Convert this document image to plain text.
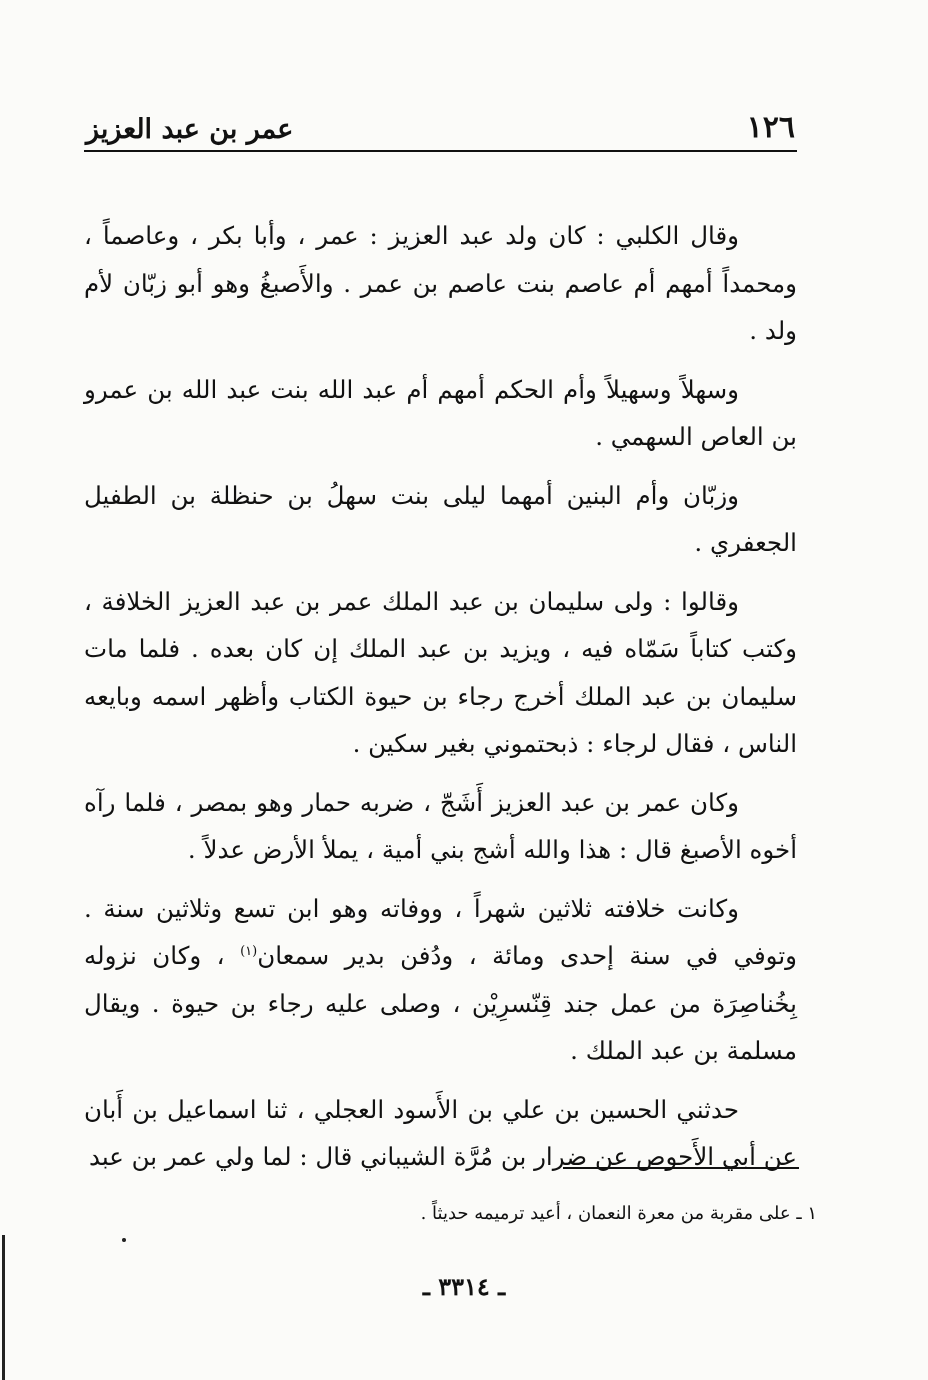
١٢٦
عمر بن عبد العزيز

وقال الكلبي : كان ولد عبد العزيز : عمر ، وأبا بكر ، وعاصماً ، ومحمداً أمهم أم عاصم بنت عاصم بن عمر . والأَصبغُ وهو أبو زبّان لأم ولد .

وسهلاً وسهيلاً وأم الحكم أمهم أم عبد الله بنت عبد الله بن عمرو بن العاص السهمي .

وزبّان وأم البنين أمهما ليلى بنت سهلُ بن حنظلة بن الطفيل الجعفري .

وقالوا : ولى سليمان بن عبد الملك عمر بن عبد العزيز الخلافة ، وكتب كتاباً سَمّاه فيه ، ويزيد بن عبد الملك إن كان بعده . فلما مات سليمان بن عبد الملك أخرج رجاء بن حيوة الكتاب وأظهر اسمه وبايعه الناس ، فقال لرجاء : ذبحتموني بغير سكين .

وكان عمر بن عبد العزيز أَشَجّ ، ضربه حمار وهو بمصر ، فلما رآه أخوه الأصبغ قال : هذا والله أشج بني أمية ، يملأ الأرض عدلاً .

وكانت خلافته ثلاثين شهراً ، ووفاته وهو ابن تسع وثلاثين سنة . وتوفي في سنة إحدى ومائة ، ودُفن بدير سمعان$^{(١)}$ ، وكان نزوله بِخُناصِرَة من عمل جند قِنّسرِيْن ، وصلى عليه رجاء بن حيوة . ويقال مسلمة بن عبد الملك .

حدثني الحسين بن علي بن الأَسود العجلي ، ثنا اسماعيل بن أَبان عن أبي الأَحوص عن ضرار بن مُرَّة الشيباني قال : لما ولي عمر بن عبد

١ ـ على مقربة من معرة النعمان ، أعيد ترميمه حديثاً .
ـ ٣٣١٤ ـ
